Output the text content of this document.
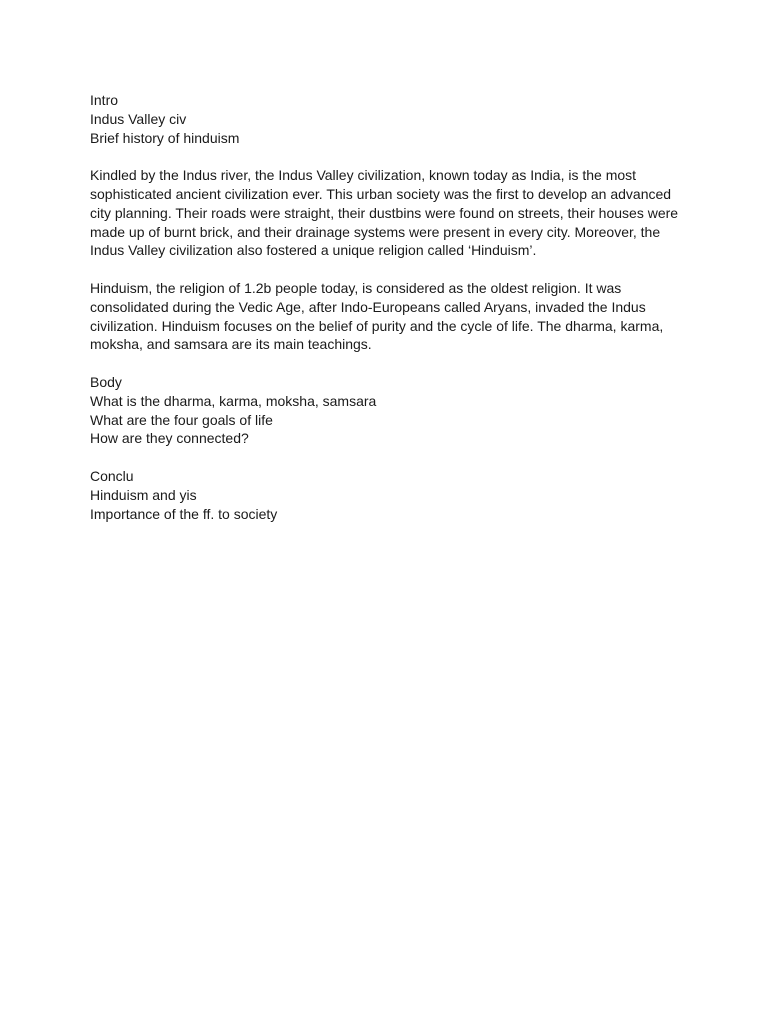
Intro
Indus Valley civ
Brief history of hinduism

Kindled by the Indus river, the Indus Valley civilization, known today as India, is the most sophisticated ancient civilization ever. This urban society was the first to develop an advanced city planning. Their roads were straight, their dustbins were found on streets, their houses were made up of burnt brick, and their drainage systems were present in every city. Moreover, the Indus Valley civilization also fostered a unique religion called ‘Hinduism’.

Hinduism, the religion of 1.2b people today, is considered as the oldest religion. It was consolidated during the Vedic Age, after Indo-Europeans called Aryans, invaded the Indus civilization. Hinduism focuses on the belief of purity and the cycle of life. The dharma, karma, moksha, and samsara are its main teachings.

Body
What is the dharma, karma, moksha, samsara
What are the four goals of life
How are they connected?
Conclu
Hinduism and yis
Importance of the ff. to society
